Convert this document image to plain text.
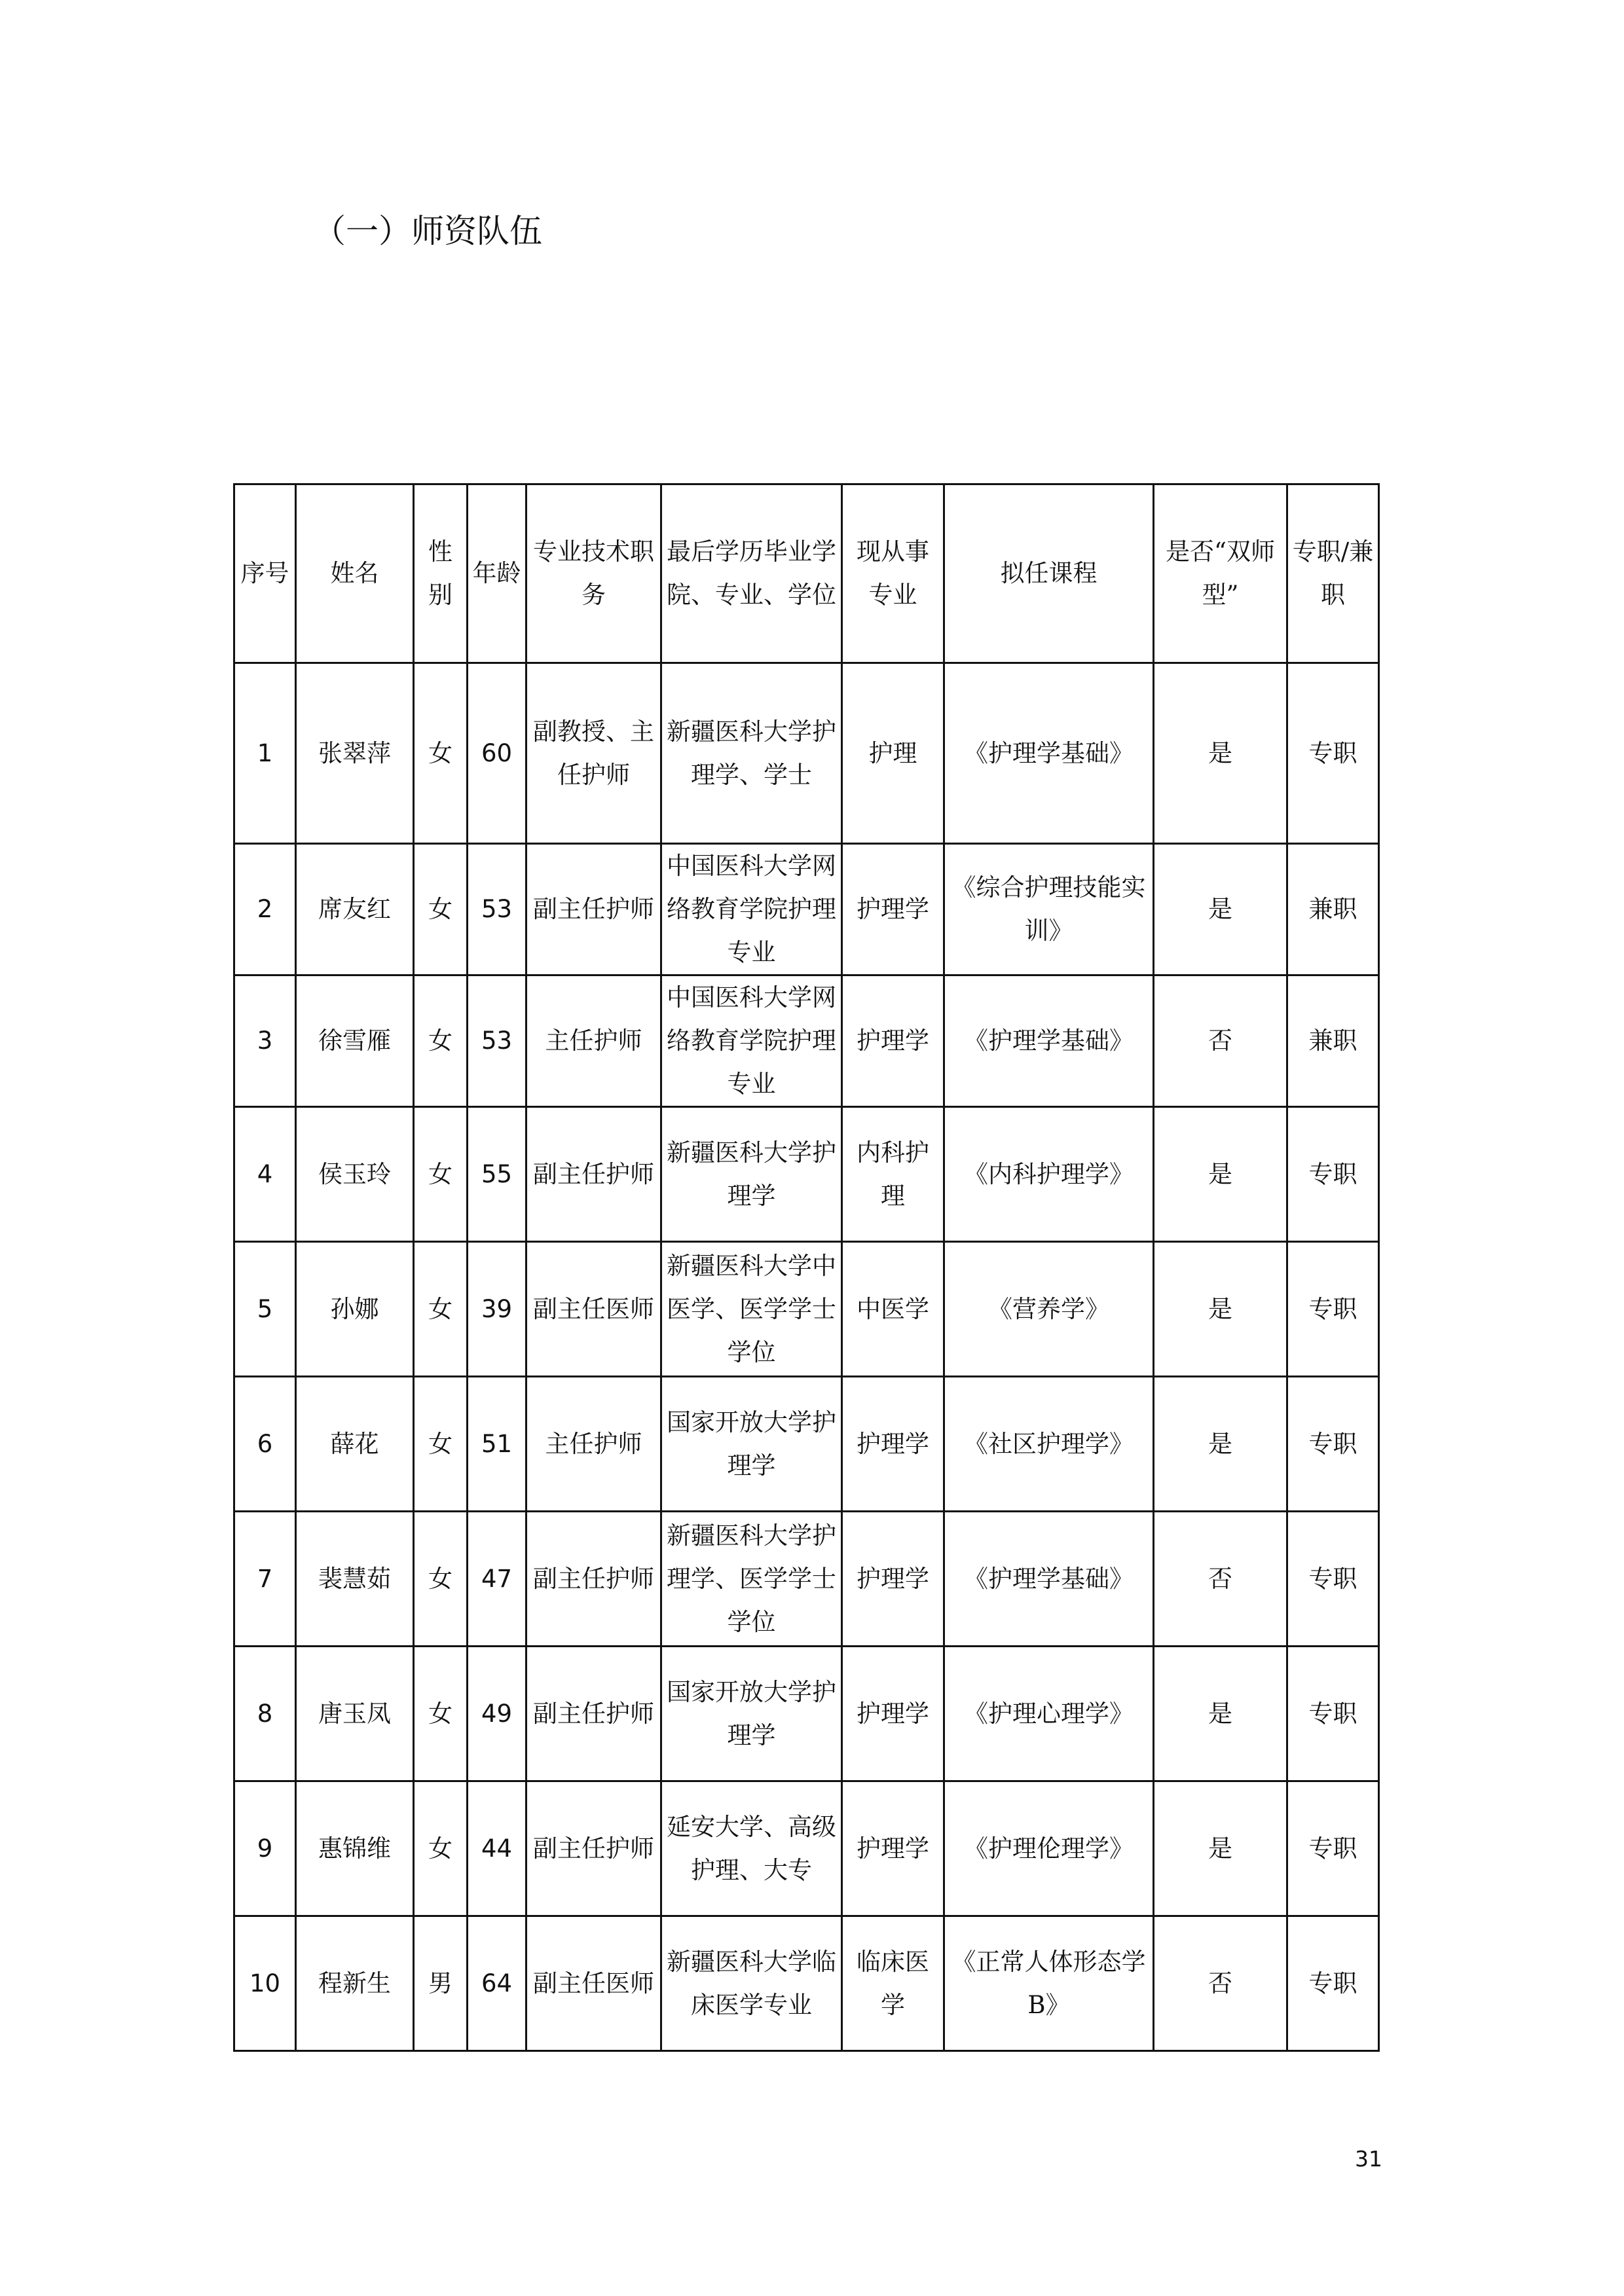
（一）师资队伍
序号	姓名	性别	年龄	专业技术职务	最后学历毕业学院、专业、学位	现从事专业	拟任课程	是否“双师型”	专职/兼职
1	张翠萍	女	60	副教授、主任护师	新疆医科大学护理学、学士	护理	《护理学基础》	是	专职
2	席友红	女	53	副主任护师	中国医科大学网络教育学院护理专业	护理学	《综合护理技能实训》	是	兼职
3	徐雪雁	女	53	主任护师	中国医科大学网络教育学院护理专业	护理学	《护理学基础》	否	兼职
4	侯玉玲	女	55	副主任护师	新疆医科大学护理学	内科护理	《内科护理学》	是	专职
5	孙娜	女	39	副主任医师	新疆医科大学中医学、医学学士学位	中医学	《营养学》	是	专职
6	薛花	女	51	主任护师	国家开放大学护理学	护理学	《社区护理学》	是	专职
7	裴慧茹	女	47	副主任护师	新疆医科大学护理学、医学学士学位	护理学	《护理学基础》	否	专职
8	唐玉凤	女	49	副主任护师	国家开放大学护理学	护理学	《护理心理学》	是	专职
9	惠锦维	女	44	副主任护师	延安大学、高级护理、大专	护理学	《护理伦理学》	是	专职
10	程新生	男	64	副主任医师	新疆医科大学临床医学专业	临床医学	《正常人体形态学B》	否	专职
31
